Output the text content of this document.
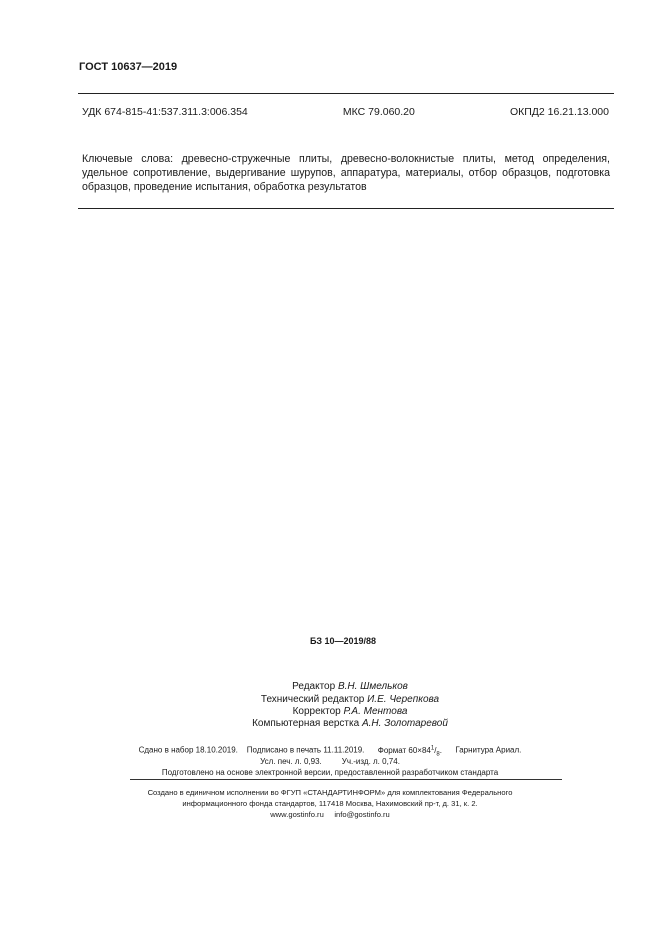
ГОСТ 10637—2019
УДК 674-815-41:537.311.3:006.354	МКС 79.060.20	ОКПД2 16.21.13.000
Ключевые слова: древесно-стружечные плиты, древесно-волокнистые плиты, метод определения,
удельное сопротивление, выдергивание шурупов, аппаратура, материалы, отбор образцов, подготовка
образцов, проведение испытания, обработка результатов
БЗ 10—2019/88
Редактор В.Н. Шмельков
Технический редактор И.Е. Черепкова
Корректор Р.А. Ментова
Компьютерная верстка А.Н. Золотаревой
Сдано в набор 18.10.2019. Подписано в печать 11.11.2019. Формат $60\times 84^1/_8$. Гарнитура Ариал.
Усл. печ. л. 0,93.	Уч.-изд. л. 0,74.
Подготовлено на основе электронной версии, предоставленной разработчиком стандарта
Создано в единичном исполнении во ФГУП «СТАНДАРТИНФОРМ» для комплектования Федерального
информационного фонда стандартов, 117418 Москва, Нахимовский пр-т, д. 31, к. 2.
www.gostinfo.ru info@gostinfo.ru
